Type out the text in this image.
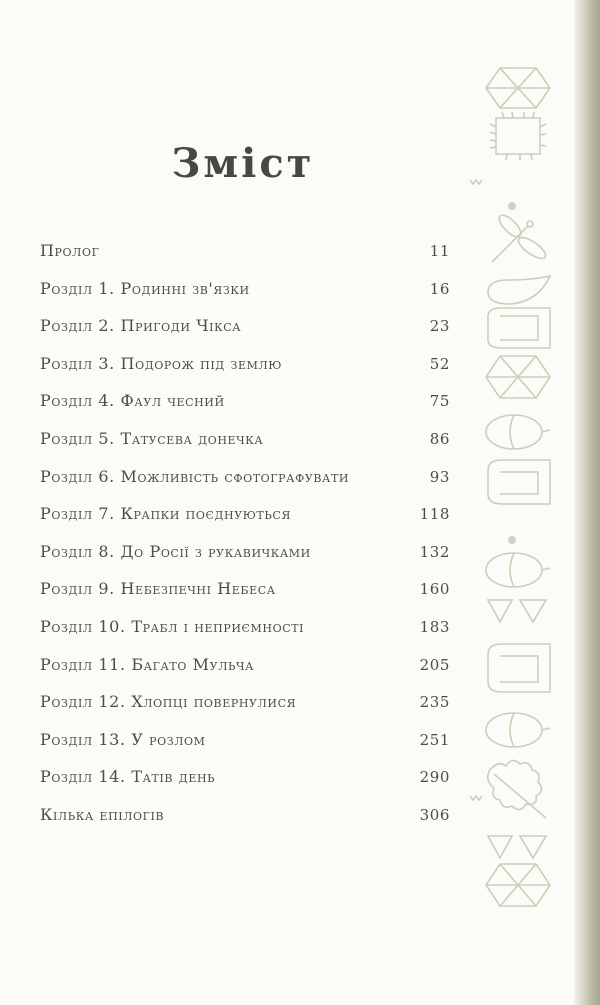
Зміст
Пролог	11
Розділ 1. Родинні зв'язки	16
Розділ 2. Пригоди Чікса	23
Розділ 3. Подорож під землю	52
Розділ 4. Фаул чесний	75
Розділ 5. Татусева донечка	86
Розділ 6. Можливість сфотографувати	93
Розділ 7. Крапки поєднуються	118
Розділ 8. До Росії з рукавичками	132
Розділ 9. Небезпечні Небеса	160
Розділ 10. Трабл і неприємності	183
Розділ 11. Багато Мульча	205
Розділ 12. Хлопці повернулися	235
Розділ 13. У розлом	251
Розділ 14. Татів день	290
Кілька епілогів	306
